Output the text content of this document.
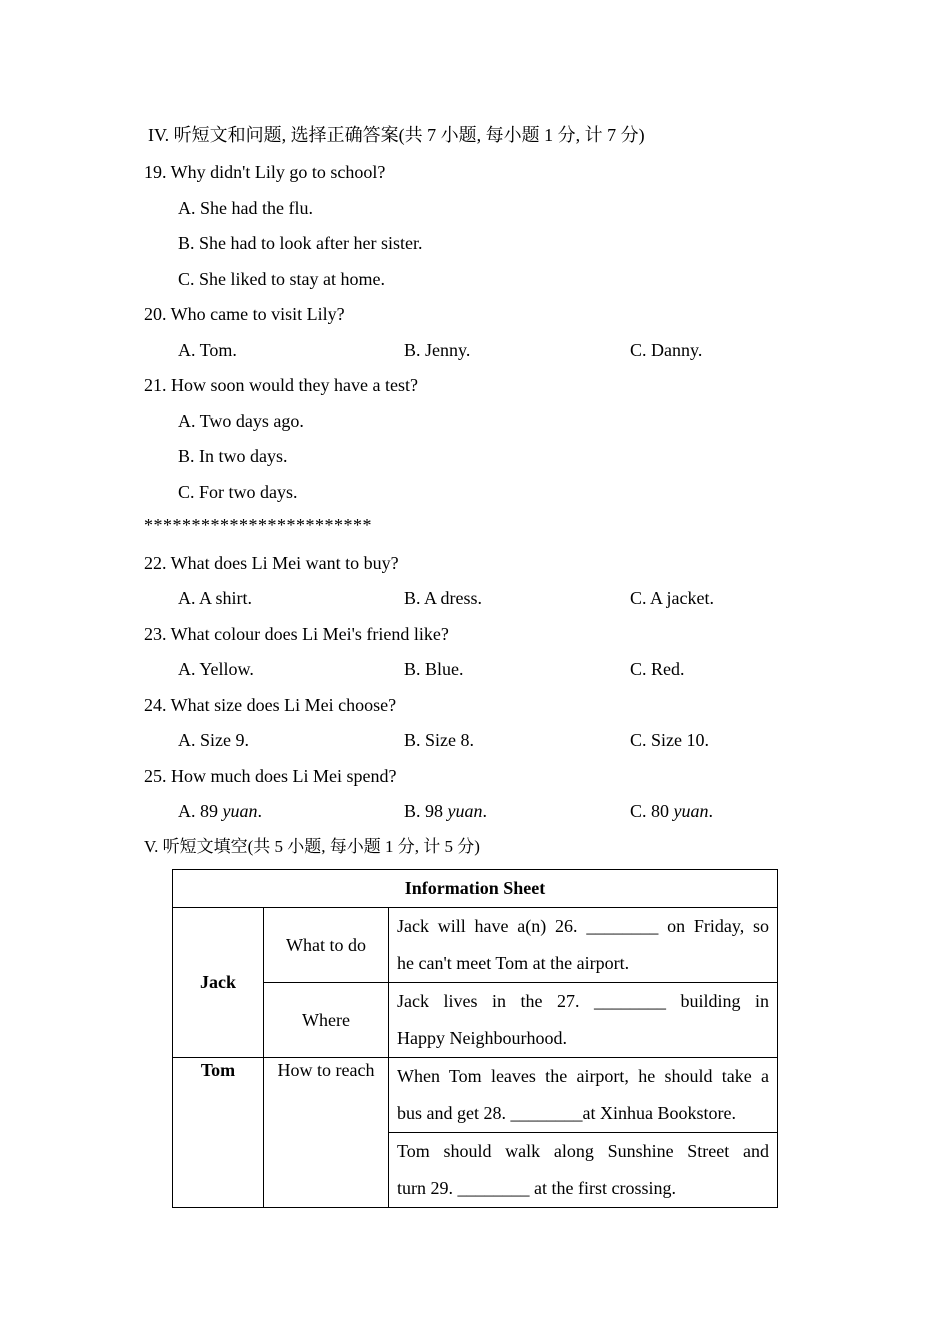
IV. 听短文和问题, 选择正确答案(共 7 小题, 每小题 1 分, 计 7 分)
19. Why didn't Lily go to school?
A. She had the flu.
B. She had to look after her sister.
C. She liked to stay at home.
20. Who came to visit Lily?
A. Tom.	B. Jenny.	C. Danny.
21. How soon would they have a test?
A. Two days ago.
B. In two days.
C. For two days.
************************
22. What does Li Mei want to buy?
A. A shirt.	B. A dress.	C. A jacket.
23. What colour does Li Mei's friend like?
A. Yellow.	B. Blue.	C. Red.
24. What size does Li Mei choose?
A. Size 9.	B. Size 8.	C. Size 10.
25. How much does Li Mei spend?
A. 89 yuan.	B. 98 yuan.	C. 80 yuan.
V. 听短文填空(共 5 小题, 每小题 1 分, 计 5 分)
Information Sheet		
Jack	What to do	Jack will have a(n) 26. ________ on Friday, so
he can't meet Tom at the airport.
	Where	Jack lives in the 27. ________ building in
Happy Neighbourhood.
Tom	How to reach	When Tom leaves the airport, he should take a
bus and get 28. ________at Xinhua Bookstore.

		Tom should walk along Sunshine Street and
turn 29. ________ at the first crossing.
